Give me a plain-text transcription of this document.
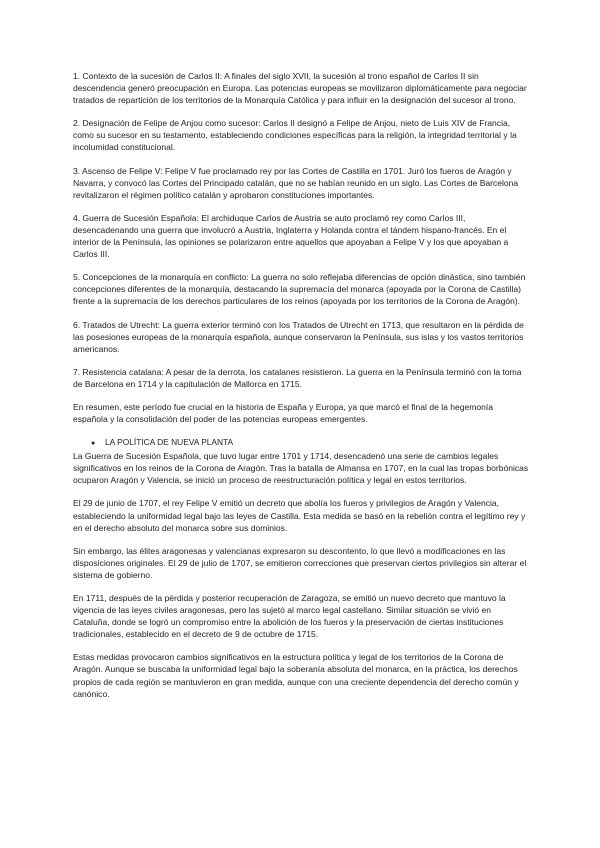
1. Contexto de la sucesión de Carlos II: A finales del siglo XVII, la sucesión al trono español de Carlos II sin descendencia generó preocupación en Europa. Las potencias europeas se movilizaron diplomáticamente para negociar tratados de repartición de los territorios de la Monarquía Católica y para influir en la designación del sucesor al trono.

2. Designación de Felipe de Anjou como sucesor: Carlos II designó a Felipe de Anjou, nieto de Luis XIV de Francia, como su sucesor en su testamento, estableciendo condiciones específicas para la religión, la integridad territorial y la incolumidad constitucional.

3. Ascenso de Felipe V: Felipe V fue proclamado rey por las Cortes de Castilla en 1701. Juró los fueros de Aragón y Navarra, y convocó las Cortes del Principado catalán, que no se habían reunido en un siglo. Las Cortes de Barcelona revitalizaron el régimen político catalán y aprobaron constituciones importantes.

4. Guerra de Sucesión Española: El archiduque Carlos de Austria se auto proclamó rey como Carlos III, desencadenando una guerra que involucró a Austria, Inglaterra y Holanda contra el tándem hispano-francés. En el interior de la Península, las opiniones se polarizaron entre aquellos que apoyaban a Felipe V y los que apoyaban a Carlos III.

5. Concepciones de la monarquía en conflicto: La guerra no solo reflejaba diferencias de opción dinástica, sino también concepciones diferentes de la monarquía, destacando la supremacía del monarca (apoyada por la Corona de Castilla) frente a la supremacía de los derechos particulares de los reinos (apoyada por los territorios de la Corona de Aragón).

6. Tratados de Utrecht: La guerra exterior terminó con los Tratados de Utrecht en 1713, que resultaron en la pérdida de las posesiones europeas de la monarquía española, aunque conservaron la Península, sus islas y los vastos territorios americanos.

7. Resistencia catalana: A pesar de la derrota, los catalanes resistieron. La guerra en la Península terminó con la toma de Barcelona en 1714 y la capitulación de Mallorca en 1715.

En resumen, este período fue crucial en la historia de España y Europa, ya que marcó el final de la hegemonía española y la consolidación del poder de las potencias europeas emergentes.

●	LA POLÍTICA DE NUEVA PLANTA

La Guerra de Sucesión Española, que tuvo lugar entre 1701 y 1714, desencadenó una serie de cambios legales significativos en los reinos de la Corona de Aragón. Tras la batalla de Almansa en 1707, en la cual las tropas borbónicas ocuparon Aragón y Valencia, se inició un proceso de reestructuración política y legal en estos territorios.

El 29 de junio de 1707, el rey Felipe V emitió un decreto que abolía los fueros y privilegios de Aragón y Valencia, estableciendo la uniformidad legal bajo las leyes de Castilla. Esta medida se basó en la rebelión contra el legítimo rey y en el derecho absoluto del monarca sobre sus dominios.

Sin embargo, las élites aragonesas y valencianas expresaron su descontento, lo que llevó a modificaciones en las disposiciones originales. El 29 de julio de 1707, se emitieron correcciones que preservan ciertos privilegios sin alterar el sistema de gobierno.

En 1711, después de la pérdida y posterior recuperación de Zaragoza, se emitió un nuevo decreto que mantuvo la vigencia de las leyes civiles aragonesas, pero las sujetó al marco legal castellano. Similar situación se vivió en Cataluña, donde se logró un compromiso entre la abolición de los fueros y la preservación de ciertas instituciones tradicionales, establecido en el decreto de 9 de octubre de 1715.

Estas medidas provocaron cambios significativos en la estructura política y legal de los territorios de la Corona de Aragón. Aunque se buscaba la uniformidad legal bajo la soberanía absoluta del monarca, en la práctica, los derechos propios de cada región se mantuvieron en gran medida, aunque con una creciente dependencia del derecho común y canónico.
